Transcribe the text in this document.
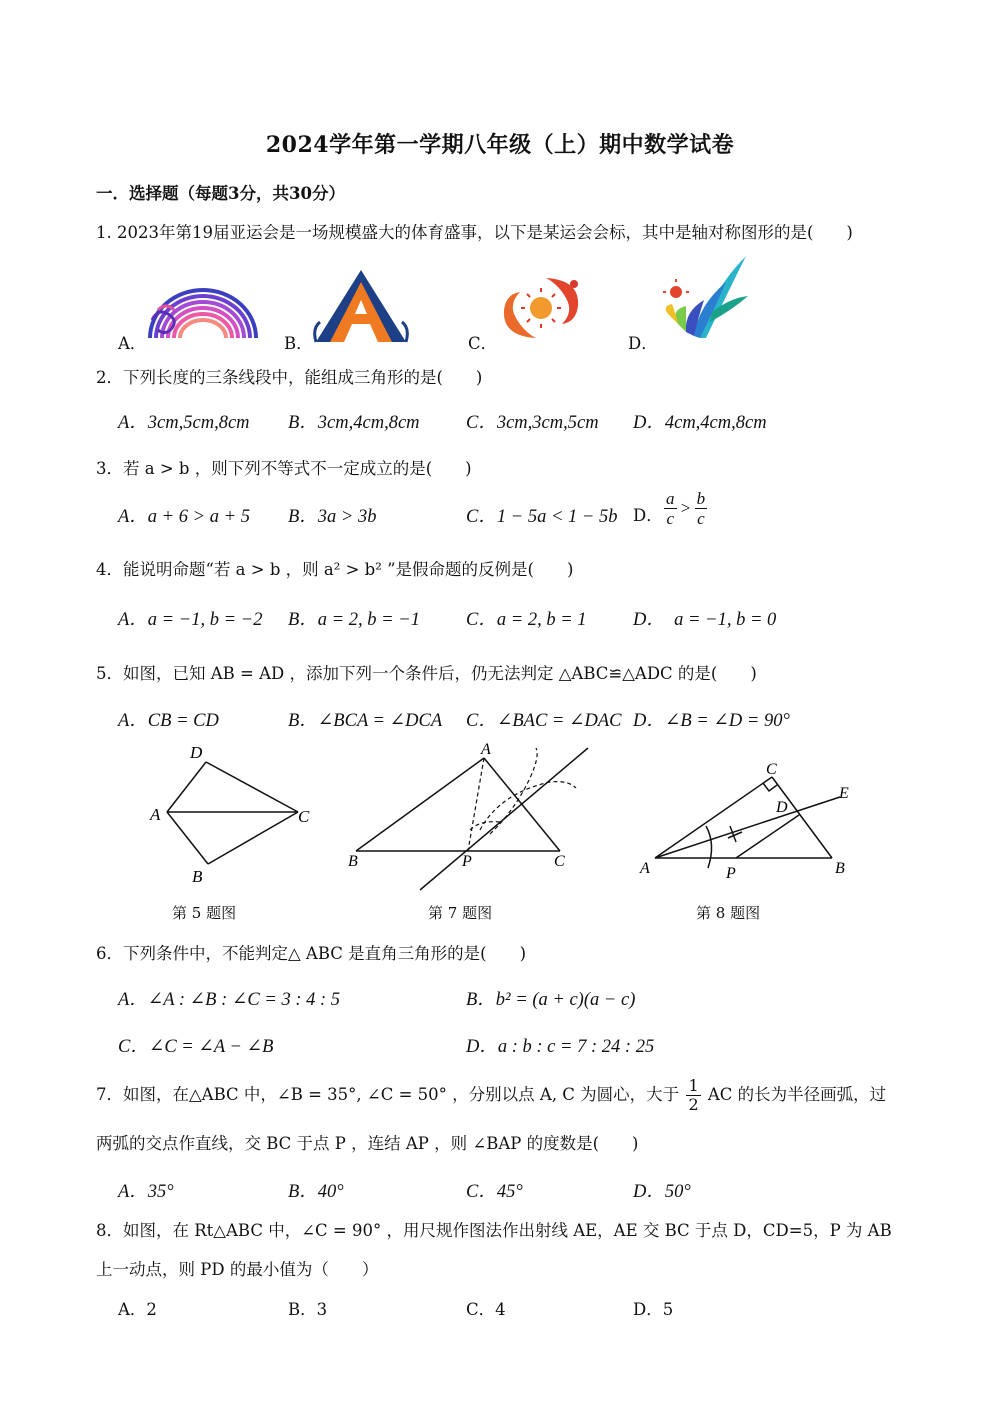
2024学年第一学期八年级（上）期中数学试卷
一．选择题（每题3分，共30分）
1. 2023年第19届亚运会是一场规模盛大的体育盛事，以下是某运会会标，其中是轴对称图形的是(　　)
A．	B．	C．	D．
2．下列长度的三条线段中，能组成三角形的是(　　)
A．3cm,5cm,8cm B．3cm,4cm,8cm	C．3cm,3cm,5cm D．4cm,4cm,8cm
3．若 a > b ，则下列不等式不一定成立的是(　　)
A．a + 6 > a + 5 B．3a > 3b	C．1 − 5a < 1 − 5b D． $\frac{a}{c} > \frac{b}{c}$
4．能说明命题“若 a > b ，则 a² > b² ”是假命题的反例是(　　)
A．a = −1, b = −2 B．a = 2, b = −1 C．a = 2, b = 1	D．　a = −1, b = 0
5．如图，已知 AB = AD ，添加下列一个条件后，仍无法判定 △ABC≌△ADC 的是(　　)
A．CB = CD	B．∠BCA = ∠DCA C．∠BAC = ∠DAC D．∠B = ∠D = 90°
D
A	C
B
第 5 题图
A
B	P	C
第 7 题图
C
D
E
A	P	B
第 8 题图
6．下列条件中，不能判定△ ABC 是直角三角形的是(　　)
A．∠A : ∠B : ∠C = 3 : 4 : 5	B．b² = (a + c)(a − c)
C．∠C = ∠A − ∠B	D．a : b : c = 7 : 24 : 25
7．如图，在△ABC 中，∠B = 35°, ∠C = 50° ，分别以点 A, C 为圆心，大于 $\frac{1}{2}$ AC 的长为半径画弧，过
两弧的交点作直线，交 BC 于点 P ，连结 AP ，则 ∠BAP 的度数是(　　)
A．35°	B．40°	C．45°	D．50°
8．如图，在 Rt△ABC 中，∠C = 90° ，用尺规作图法作出射线 AE，AE 交 BC 于点 D，CD=5，P 为 AB
上一动点，则 PD 的最小值为（　　）
A．2	B．3	C．4	D．5
